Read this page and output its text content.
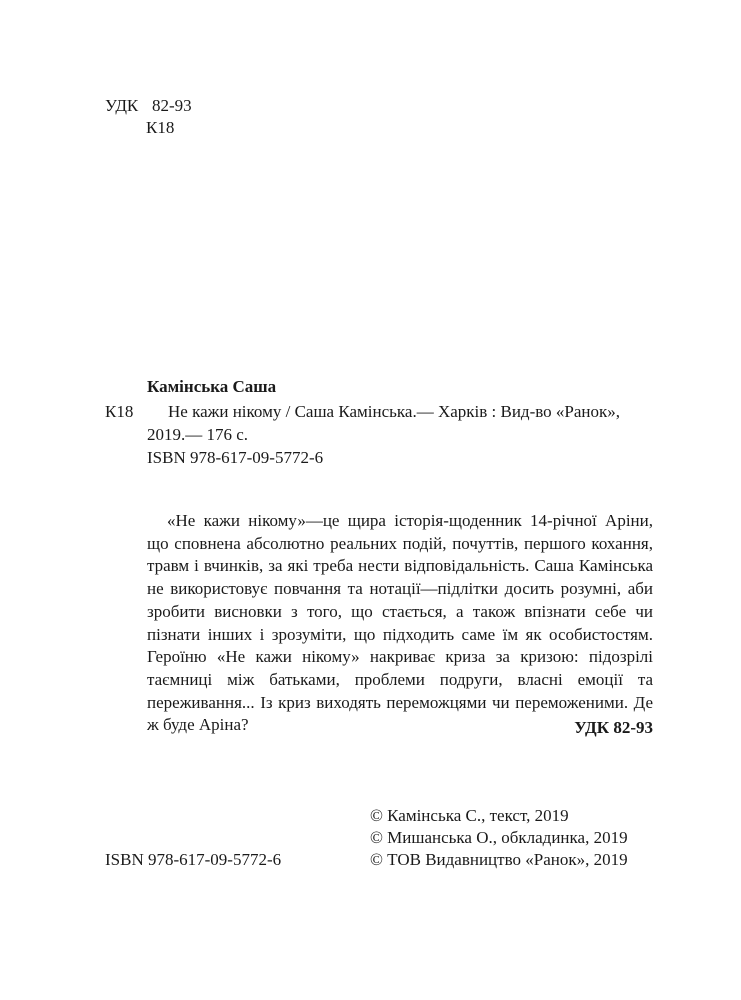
УДК 82-93
К18
Камінська Саша
К18 Не кажи нікому / Саша Камінська.— Харків : Вид-во «Ранок»,
2019.— 176 с.
ISBN 978-617-09-5772-6

«Не кажи нікому»—це щира історія-щоденник 14-річної Аріни, що сповнена абсолютно реальних подій, почуттів, першого кохання, травм і вчинків, за які треба нести відповідальність. Саша Камінська не використовує повчання та нотації—підлітки досить розумні, аби зробити висновки з того, що стається, а також впізнати себе чи пізнати інших і зрозуміти, що підходить саме їм як особистостям. Героїню «Не кажи нікому» накриває криза за кризою: підозрілі таємниці між батьками, проблеми подруги, власні емоції та переживання... Із криз виходять переможцями чи переможеними. Де ж буде Аріна?	УДК 82-93
ISBN 978-617-09-5772-6
© Камінська С., текст, 2019
© Мишанська О., обкладинка, 2019
© ТОВ Видавництво «Ранок», 2019
